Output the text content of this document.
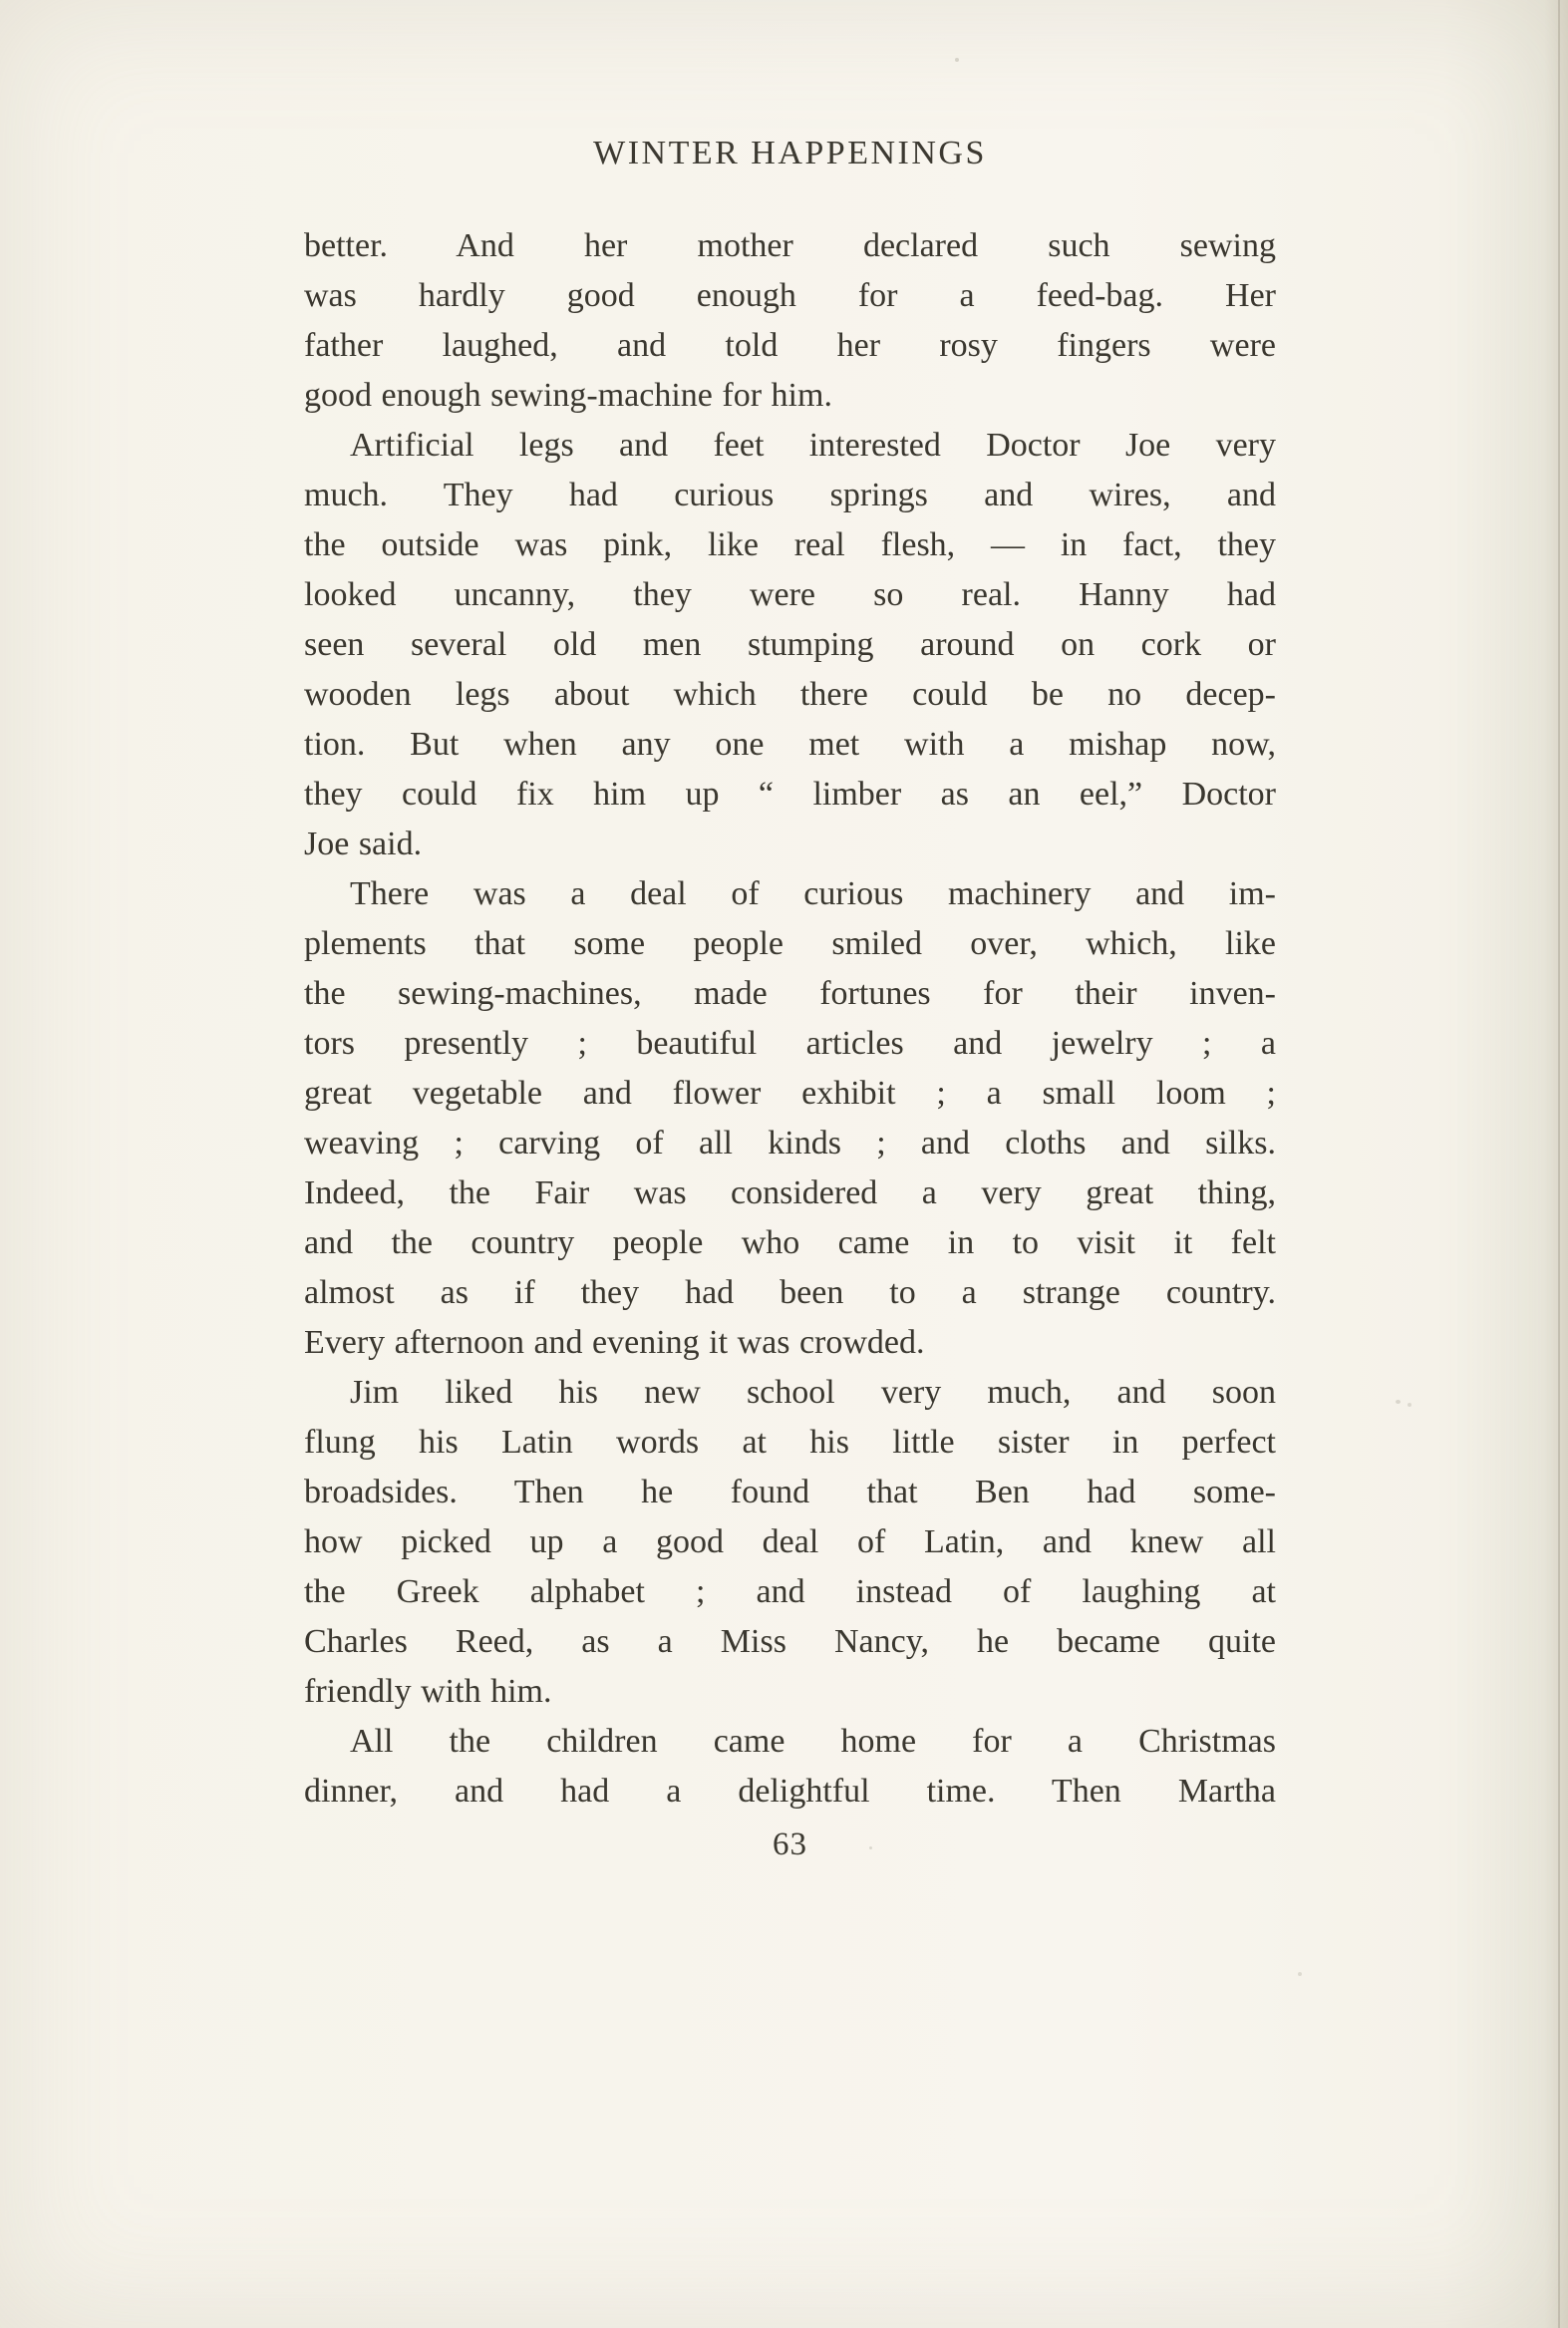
WINTER HAPPENINGS
better. And her mother declared such sewing
was hardly good enough for a feed-bag. Her
father laughed, and told her rosy fingers were
good enough sewing-machine for him.
Artificial legs and feet interested Doctor Joe very
much. They had curious springs and wires, and
the outside was pink, like real flesh, — in fact, they
looked uncanny, they were so real. Hanny had
seen several old men stumping around on cork or
wooden legs about which there could be no decep-
tion. But when any one met with a mishap now,
they could fix him up “ limber as an eel,” Doctor
Joe said.
There was a deal of curious machinery and im-
plements that some people smiled over, which, like
the sewing-machines, made fortunes for their inven-
tors presently ; beautiful articles and jewelry ; a
great vegetable and flower exhibit ; a small loom ;
weaving ; carving of all kinds ; and cloths and silks.
Indeed, the Fair was considered a very great thing,
and the country people who came in to visit it felt
almost as if they had been to a strange country.
Every afternoon and evening it was crowded.
Jim liked his new school very much, and soon
flung his Latin words at his little sister in perfect
broadsides. Then he found that Ben had some-
how picked up a good deal of Latin, and knew all
the Greek alphabet ; and instead of laughing at
Charles Reed, as a Miss Nancy, he became quite
friendly with him.
All the children came home for a Christmas
dinner, and had a delightful time. Then Martha
63
